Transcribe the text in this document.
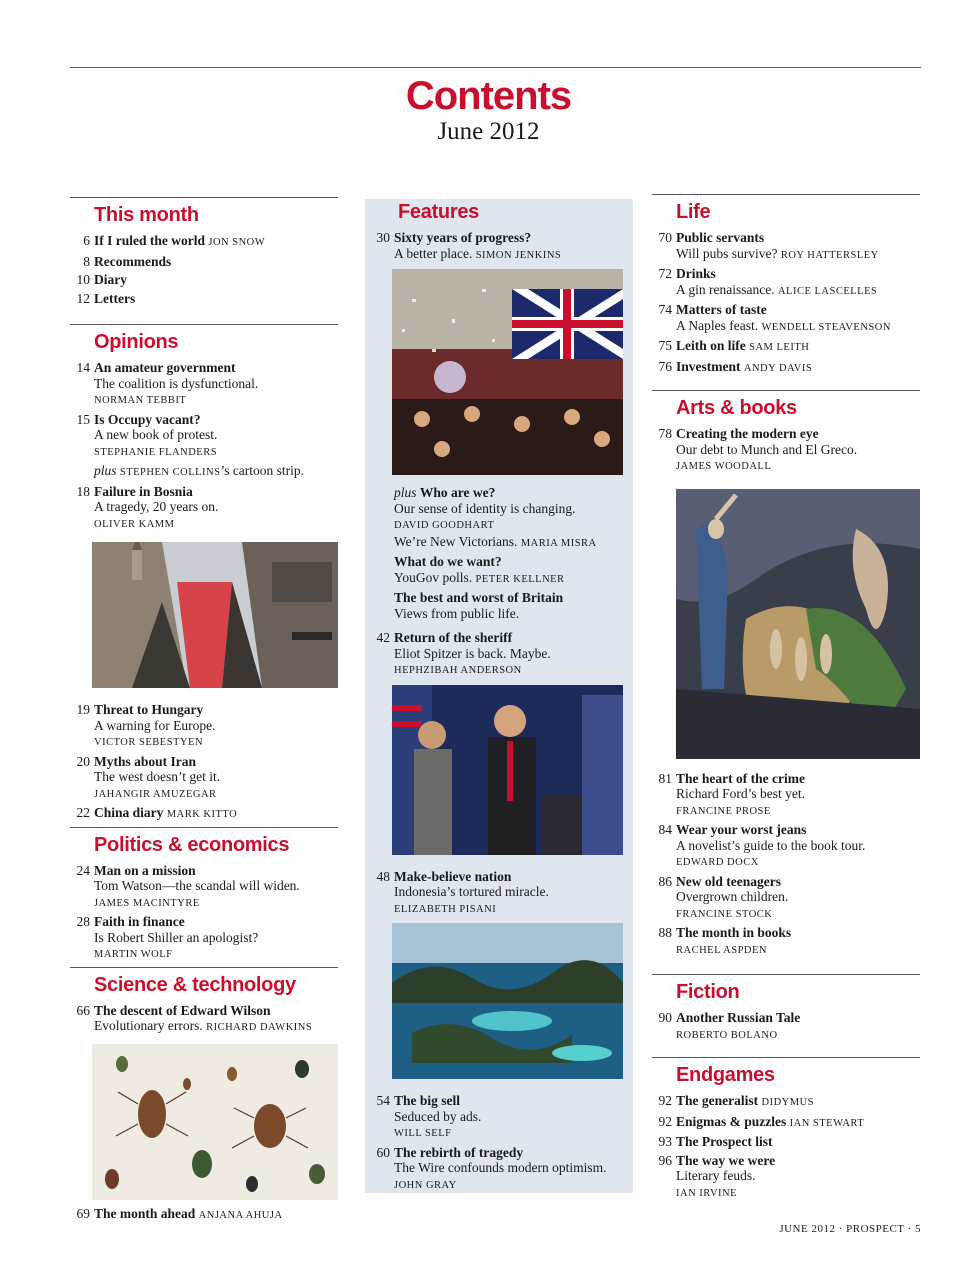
Contents
June 2012
This month
6 If I ruled the world JON SNOW
8 Recommends
10 Diary
12 Letters
Opinions
14 An amateur government
The coalition is dysfunctional.
NORMAN TEBBIT
15 Is Occupy vacant?
A new book of protest.
STEPHANIE FLANDERS
plus STEPHEN COLLINS’s cartoon strip.
18 Failure in Bosnia
A tragedy, 20 years on.
OLIVER KAMM
19 Threat to Hungary
A warning for Europe.
VICTOR SEBESTYEN
20 Myths about Iran
The west doesn’t get it.
JAHANGIR AMUZEGAR
22 China diary MARK KITTO
Politics & economics
24 Man on a mission
Tom Watson—the scandal will widen.
JAMES MACINTYRE
28 Faith in finance
Is Robert Shiller an apologist?
MARTIN WOLF
Science & technology
66 The descent of Edward Wilson
Evolutionary errors. RICHARD DAWKINS
69 The month ahead ANJANA AHUJA
Features
30 Sixty years of progress?
A better place. SIMON JENKINS
plus Who are we?
Our sense of identity is changing.
DAVID GOODHART
We’re New Victorians. MARIA MISRA
What do we want?
YouGov polls. PETER KELLNER
The best and worst of Britain
Views from public life.
42 Return of the sheriff
Eliot Spitzer is back. Maybe.
HEPHZIBAH ANDERSON
48 Make-believe nation
Indonesia’s tortured miracle.
ELIZABETH PISANI
54 The big sell
Seduced by ads.
WILL SELF
60 The rebirth of tragedy
The Wire confounds modern optimism.
JOHN GRAY
Life
70 Public servants
Will pubs survive? ROY HATTERSLEY
72 Drinks
A gin renaissance. ALICE LASCELLES
74 Matters of taste
A Naples feast. WENDELL STEAVENSON
75 Leith on life SAM LEITH
76 Investment ANDY DAVIS
Arts & books
78 Creating the modern eye
Our debt to Munch and El Greco.
JAMES WOODALL
81 The heart of the crime
Richard Ford’s best yet.
FRANCINE PROSE
84 Wear your worst jeans
A novelist’s guide to the book tour.
EDWARD DOCX
86 New old teenagers
Overgrown children.
FRANCINE STOCK
88 The month in books
RACHEL ASPDEN
Fiction
90 Another Russian Tale
ROBERTO BOLANO
Endgames
92 The generalist DIDYMUS
92 Enigmas & puzzles IAN STEWART
93 The Prospect list
96 The way we were
Literary feuds.
IAN IRVINE
JUNE 2012 · PROSPECT · 5
